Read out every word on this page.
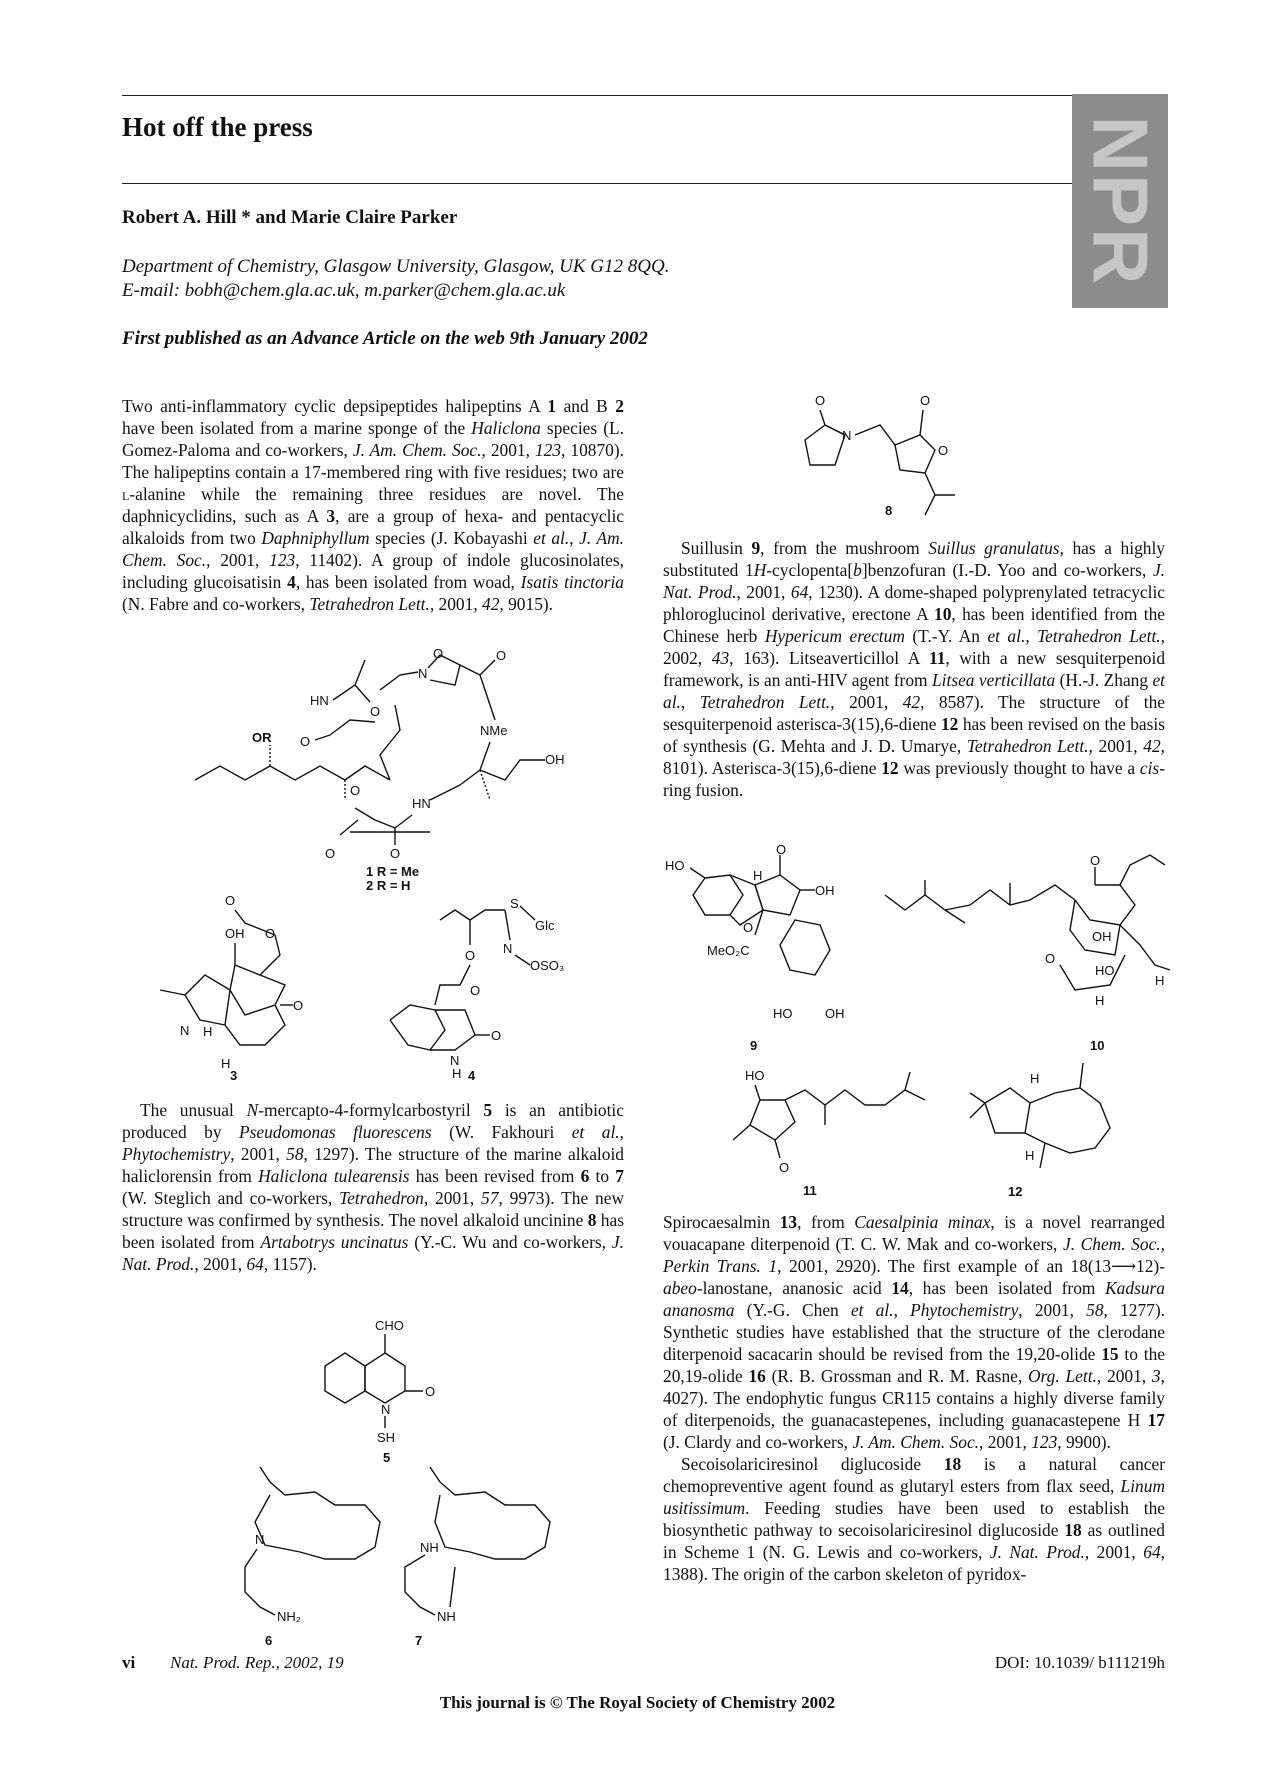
Hot off the press
Robert A. Hill * and Marie Claire Parker
Department of Chemistry, Glasgow University, Glasgow, UK G12 8QQ.
E-mail: bobh@chem.gla.ac.uk, m.parker@chem.gla.ac.uk
First published as an Advance Article on the web 9th January 2002
NPR

Two anti-inflammatory cyclic depsipeptides halipeptins A 1 and B 2 have been isolated from a marine sponge of the Haliclona species (L. Gomez-Paloma and co-workers, J. Am. Chem. Soc., 2001, 123, 10870). The halipeptins contain a 17-membered ring with five residues; two are l-alanine while the remaining three residues are novel. The daphnicyclidins, such as A 3, are a group of hexa- and pentacyclic alkaloids from two Daphniphyllum species (J. Kobayashi et al., J. Am. Chem. Soc., 2001, 123, 11402). A group of indole glucosinolates, including glucoisatisin 4, has been isolated from woad, Isatis tinctoria (N. Fabre and co-workers, Tetrahedron Lett., 2001, 42, 9015).

OR O
HN
O
N
O	O
NMe
OH
HN
O
O
O
1 R = Me
2 R = H
O
O
OH
O
N H
H
3
S
Glc
N
OSO₃
O
O
O
N
H 4

The unusual N-mercapto-4-formylcarbostyril 5 is an antibiotic produced by Pseudomonas fluorescens (W. Fakhouri et al., Phytochemistry, 2001, 58, 1297). The structure of the marine alkaloid haliclorensin from Haliclona tulearensis has been revised from 6 to 7 (W. Steglich and co-workers, Tetrahedron, 2001, 57, 9973). The new structure was confirmed by synthesis. The novel alkaloid uncinine 8 has been isolated from Artabotrys uncinatus (Y.-C. Wu and co-workers, J. Nat. Prod., 2001, 64, 1157).

CHO
O
N
SH
5
N
NH₂
6
NH
NH
7
O	O
N
O
8

Suillusin 9, from the mushroom Suillus granulatus, has a highly substituted 1H-cyclopenta[b]benzofuran (I.-D. Yoo and co-workers, J. Nat. Prod., 2001, 64, 1230). A dome-shaped polyprenylated tetracyclic phloroglucinol derivative, erectone A 10, has been identified from the Chinese herb Hypericum erectum (T.-Y. An et al., Tetrahedron Lett., 2002, 43, 163). Litseaverticillol A 11, with a new sesquiterpenoid framework, is an anti-HIV agent from Litsea verticillata (H.-J. Zhang et al., Tetrahedron Lett., 2001, 42, 8587). The structure of the sesquiterpenoid asterisca-3(15),6-diene 12 has been revised on the basis of synthesis (G. Mehta and J. D. Umarye, Tetrahedron Lett., 2001, 42, 8101). Asterisca-3(15),6-diene 12 was previously thought to have a cis-ring fusion.

HO
O
H
O
OH
MeO₂C
HO	OH
9
O
O
OH
HO
H
H
10
HO
O
11
H
H
12

Spirocaesalmin 13, from Caesalpinia minax, is a novel rearranged vouacapane diterpenoid (T. C. W. Mak and co-workers, J. Chem. Soc., Perkin Trans. 1, 2001, 2920). The first example of an 18(13⟶12)-abeo-lanostane, ananosic acid 14, has been isolated from Kadsura ananosma (Y.-G. Chen et al., Phytochemistry, 2001, 58, 1277). Synthetic studies have established that the structure of the clerodane diterpenoid sacacarin should be revised from the 19,20-olide 15 to the 20,19-olide 16 (R. B. Grossman and R. M. Rasne, Org. Lett., 2001, 3, 4027). The endophytic fungus CR115 contains a highly diverse family of diterpenoids, the guanacastepenes, including guanacastepene H 17 (J. Clardy and co-workers, J. Am. Chem. Soc., 2001, 123, 9900).

Secoisolariciresinol diglucoside 18 is a natural cancer chemopreventive agent found as glutaryl esters from flax seed, Linum usitissimum. Feeding studies have been used to establish the biosynthetic pathway to secoisolariciresinol diglucoside 18 as outlined in Scheme 1 (N. G. Lewis and co-workers, J. Nat. Prod., 2001, 64, 1388). The origin of the carbon skeleton of pyridox-

vi Nat. Prod. Rep., 2002, 19	DOI: 10.1039/ b111219h
This journal is © The Royal Society of Chemistry 2002
